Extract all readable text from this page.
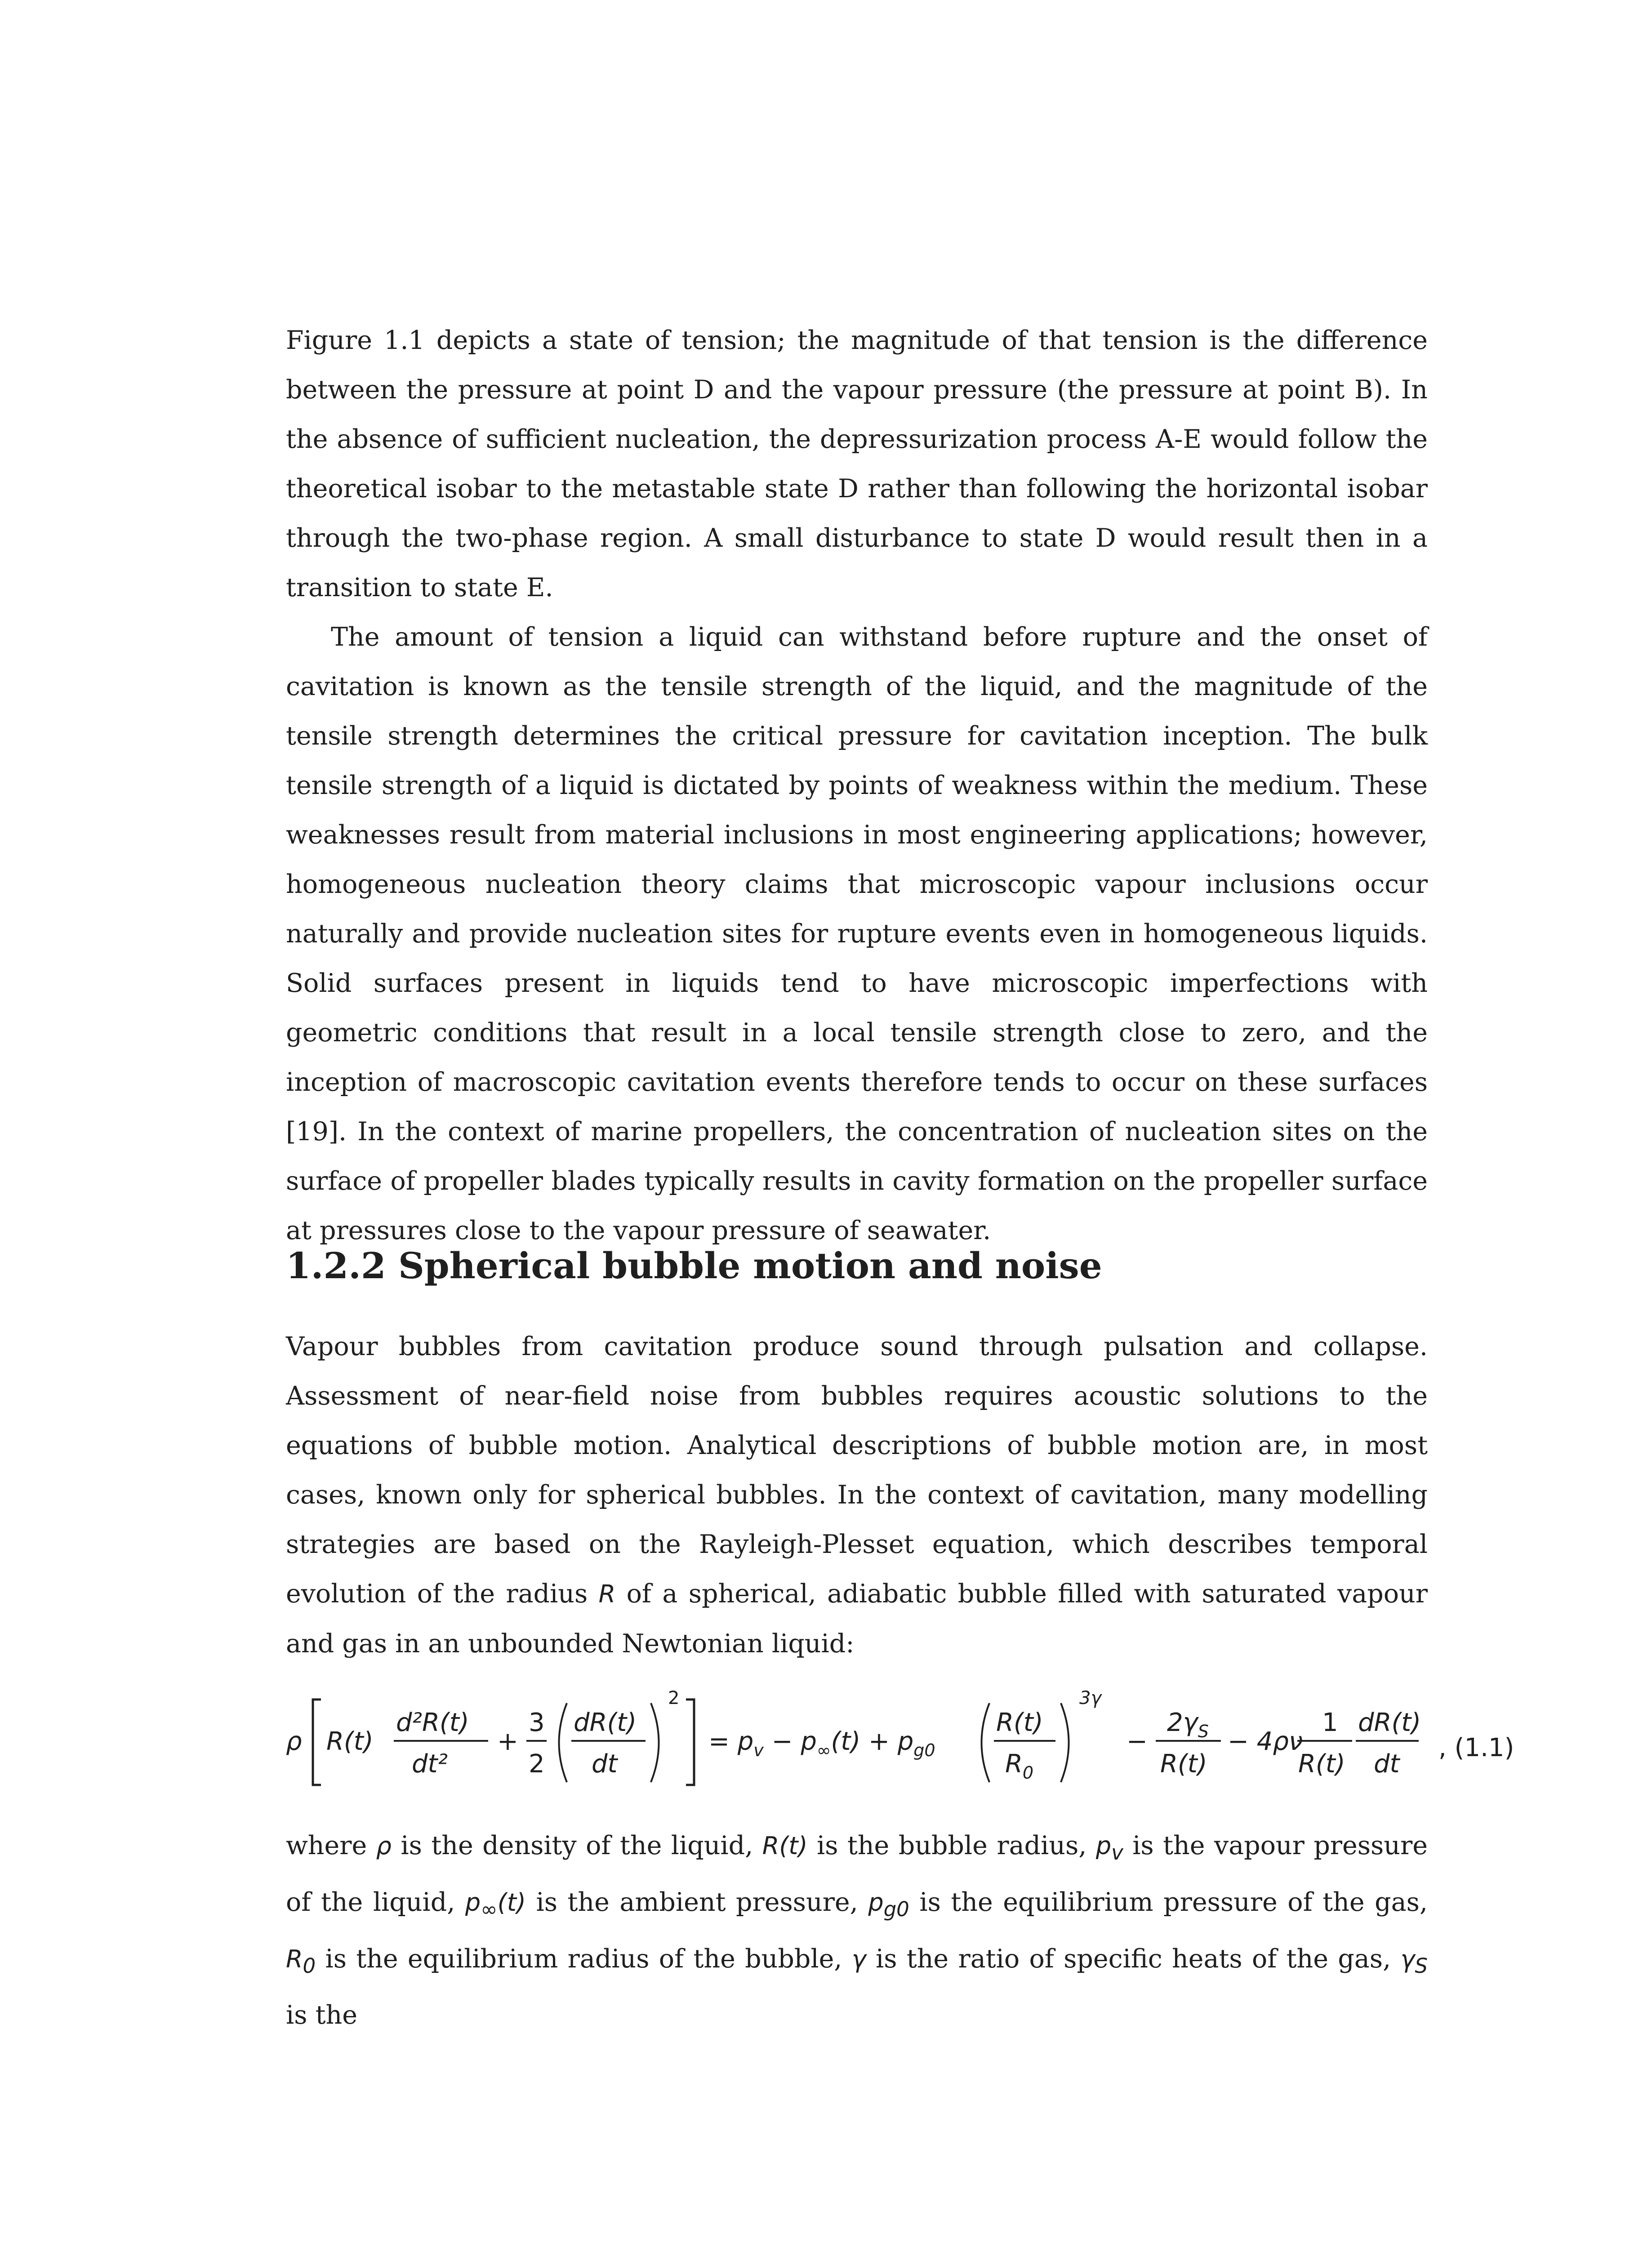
Figure 1.1 depicts a state of tension; the magnitude of that tension is the difference between the pressure at point D and the vapour pressure (the pressure at point B). In the absence of sufficient nucleation, the depressurization process A-E would follow the theoretical isobar to the metastable state D rather than following the horizontal isobar through the two-phase region. A small disturbance to state D would result then in a transition to state E.

The amount of tension a liquid can withstand before rupture and the onset of cavitation is known as the tensile strength of the liquid, and the magnitude of the tensile strength determines the critical pressure for cavitation inception. The bulk tensile strength of a liquid is dictated by points of weakness within the medium. These weaknesses result from material inclusions in most engineering applications; however, homogeneous nucleation theory claims that microscopic vapour inclusions occur naturally and provide nucleation sites for rupture events even in homogeneous liquids. Solid surfaces present in liquids tend to have microscopic imperfections with geometric conditions that result in a local tensile strength close to zero, and the inception of macroscopic cavitation events therefore tends to occur on these surfaces [19]. In the context of marine propellers, the concentration of nucleation sites on the surface of propeller blades typically results in cavity formation on the propeller surface at pressures close to the vapour pressure of seawater.

1.2.2 Spherical bubble motion and noise

Vapour bubbles from cavitation produce sound through pulsation and collapse. Assessment of near-field noise from bubbles requires acoustic solutions to the equations of bubble motion. Analytical descriptions of bubble motion are, in most cases, known only for spherical bubbles. In the context of cavitation, many modelling strategies are based on the Rayleigh-Plesset equation, which describes temporal evolution of the radius R of a spherical, adiabatic bubble filled with saturated vapour and gas in an unbounded Newtonian liquid:

ρ R(t)
d²R(t)
dt²
+
3
2
dR(t)
dt
2
= $p_v - p_\infty(t) + p_{g0}$
R(t)
$R_0$
3γ
−
$2\gamma_S$
R(t)
− 4ρν
1
R(t)
dR(t)
dt
, (1.1)

where ρ is the density of the liquid, R(t) is the bubble radius, $p_v$ is the vapour pressure of the liquid, $p_\infty(t)$ is the ambient pressure, $p_{g0}$ is the equilibrium pressure of the gas, $R_0$ is the equilibrium radius of the bubble, γ is the ratio of specific heats of the gas, $\gamma_S$ is the
